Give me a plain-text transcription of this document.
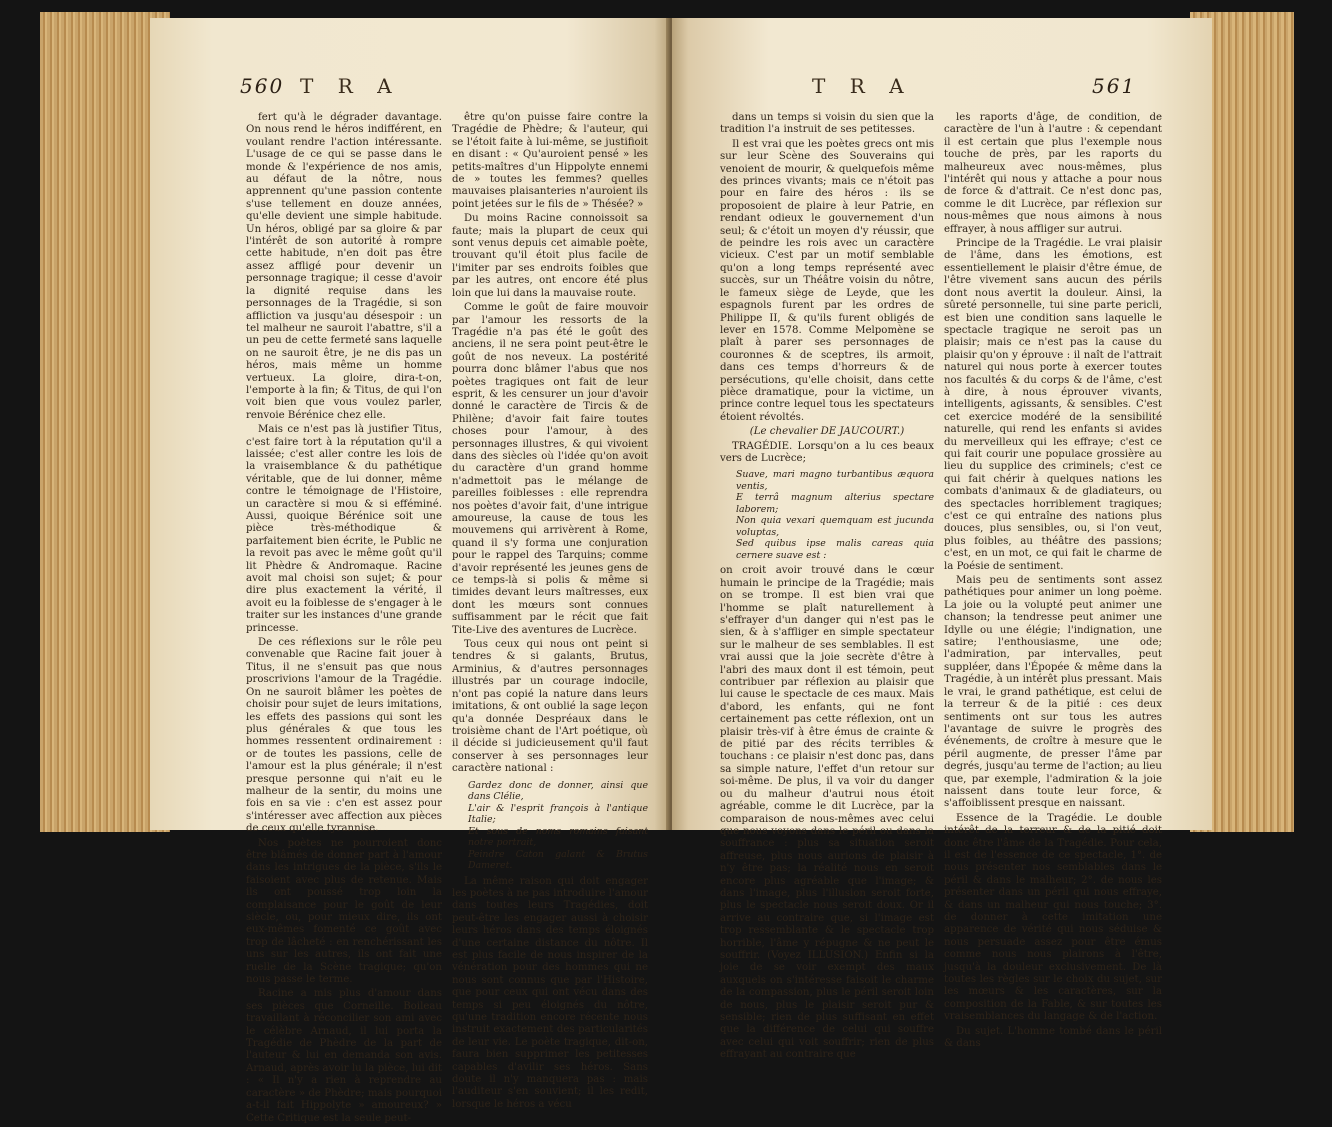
560 T R A

fert qu'à le dégrader davantage. On nous rend le héros indifférent, en voulant rendre l'action intéressante. L'usage de ce qui se passe dans le monde & l'expérience de nos amis, au défaut de la nôtre, nous apprennent qu'une passion contente s'use tellement en douze années, qu'elle devient une simple habitude. Un héros, obligé par sa gloire & par l'intérêt de son autorité à rompre cette habitude, n'en doit pas être assez affligé pour devenir un personnage tragique; il cesse d'avoir la dignité requise dans les personnages de la Tragédie, si son affliction va jusqu'au désespoir : un tel malheur ne sauroit l'abattre, s'il a un peu de cette fermeté sans laquelle on ne sauroit être, je ne dis pas un héros, mais même un homme vertueux. La gloire, dira-t-on, l'emporte à la fin; & Titus, de qui l'on voit bien que vous voulez parler, renvoie Bérénice chez elle.

Mais ce n'est pas là justifier Titus, c'est faire tort à la réputation qu'il a laissée; c'est aller contre les lois de la vraisemblance & du pathétique véritable, que de lui donner, même contre le témoignage de l'Histoire, un caractère si mou & si efféminé. Aussi, quoique Bérénice soit une pièce très-méthodique & parfaitement bien écrite, le Public ne la revoit pas avec le même goût qu'il lit Phèdre & Andromaque. Racine avoit mal choisi son sujet; & pour dire plus exactement la vérité, il avoit eu la foiblesse de s'engager à le traiter sur les instances d'une grande princesse.

De ces réflexions sur le rôle peu convenable que Racine fait jouer à Titus, il ne s'ensuit pas que nous proscrivions l'amour de la Tragédie. On ne sauroit blâmer les poètes de choisir pour sujet de leurs imitations, les effets des passions qui sont les plus générales & que tous les hommes ressentent ordinairement : or de toutes les passions, celle de l'amour est la plus générale; il n'est presque personne qui n'ait eu le malheur de la sentir, du moins une fois en sa vie : c'en est assez pour s'intéresser avec affection aux pièces de ceux qu'elle tyrannise.

Nos poètes ne pourroient donc être blâmés de donner part à l'amour dans les intrigues de la pièce, s'ils le faisoient avec plus de retenue. Mais ils ont poussé trop loin la complaisance pour le goût de leur siècle, ou, pour mieux dire, ils ont eux-mêmes fomenté ce goût avec trop de lâcheté : en renchérissant les uns sur les autres, ils ont fait une ruelle de la Scène tragique; qu'on nous passe le terme.

Racine a mis plus d'amour dans ses pièces que Corneille. Boileau travaillant à réconcilier son ami avec le célèbre Arnaud, il lui porta la Tragédie de Phèdre de la part de l'auteur & lui en demanda son avis. Arnaud, après avoir lu la pièce, lui dit : « Il n'y a rien à reprendre au caractère » de Phèdre; mais pourquoi a-t-il fait Hippolyte » amoureux? » Cette Critique est la seule peut-

être qu'on puisse faire contre la Tragédie de Phèdre; & l'auteur, qui se l'étoit faite à lui-même, se justifioit en disant : « Qu'auroient pensé » les petits-maîtres d'un Hippolyte ennemi de » toutes les femmes? quelles mauvaises plaisanteries n'auroient ils point jetées sur le fils de » Thésée? »

Du moins Racine connoissoit sa faute; mais la plupart de ceux qui sont venus depuis cet aimable poète, trouvant qu'il étoit plus facile de l'imiter par ses endroits foibles que par les autres, ont encore été plus loin que lui dans la mauvaise route.

Comme le goût de faire mouvoir par l'amour les ressorts de la Tragédie n'a pas été le goût des anciens, il ne sera point peut-être le goût de nos neveux. La postérité pourra donc blâmer l'abus que nos poètes tragiques ont fait de leur esprit, & les censurer un jour d'avoir donné le caractère de Tircis & de Philène; d'avoir fait faire toutes choses pour l'amour, à des personnages illustres, & qui vivoient dans des siècles où l'idée qu'on avoit du caractère d'un grand homme n'admettoit pas le mélange de pareilles foiblesses : elle reprendra nos poètes d'avoir fait, d'une intrigue amoureuse, la cause de tous les mouvemens qui arrivèrent à Rome, quand il s'y forma une conjuration pour le rappel des Tarquins; comme d'avoir représenté les jeunes gens de ce temps-là si polis & même si timides devant leurs maîtresses, eux dont les mœurs sont connues suffisamment par le récit que fait Tite-Live des aventures de Lucrèce.

Tous ceux qui nous ont peint si tendres & si galants, Brutus, Arminius, & d'autres personnages illustrés par un courage indocile, n'ont pas copié la nature dans leurs imitations, & ont oublié la sage leçon qu'a donnée Despréaux dans le troisième chant de l'Art poétique, où il décide si judicieusement qu'il faut conserver à ses personnages leur caractère national :

Gardez donc de donner, ainsi que dans Clélie,
L'air & l'esprit françois à l'antique Italie;
Et sous de noms romains faisant notre portrait,
Peindre Caton galant & Brutus Dameret.

La même raison qui doit engager les poètes à ne pas introduire l'amour dans toutes leurs Tragédies, doit peut-être les engager aussi à choisir leurs héros dans des temps éloignés d'une certaine distance du nôtre. Il est plus facile de nous inspirer de la vénération pour des hommes qui ne nous sont connus que par l'Histoire, que pour ceux qui ont vécu dans des temps si peu éloignés du nôtre, qu'une tradition encore récente nous instruit exactement des particularités de leur vie. Le poète tragique, dit-on, faura bien supprimer les petitesses capables d'avilir ses héros. Sans doute il n'y manquera pas : mais l'auditeur s'en souvient; il les redit, lorsque le héros a vécu

T R A	561

dans un temps si voisin du sien que la tradition l'a instruit de ses petitesses.

Il est vrai que les poètes grecs ont mis sur leur Scène des Souverains qui venoient de mourir, & quelquefois même des princes vivants; mais ce n'étoit pas pour en faire des héros : ils se proposoient de plaire à leur Patrie, en rendant odieux le gouvernement d'un seul; & c'étoit un moyen d'y réussir, que de peindre les rois avec un caractère vicieux. C'est par un motif semblable qu'on a long temps représenté avec succès, sur un Théâtre voisin du nôtre, le fameux siège de Leyde, que les espagnols furent par les ordres de Philippe II, & qu'ils furent obligés de lever en 1578. Comme Melpomène se plaît à parer ses personnages de couronnes & de sceptres, ils armoit, dans ces temps d'horreurs & de persécutions, qu'elle choisit, dans cette pièce dramatique, pour la victime, un prince contre lequel tous les spectateurs étoient révoltés.

(Le chevalier DE JAUCOURT.)

TRAGÉDIE. Lorsqu'on a lu ces beaux vers de Lucrèce;

Suave, mari magno turbantibus æquora ventis,
E terrâ magnum alterius spectare laborem;
Non quia vexari quemquam est jucunda voluptas,
Sed quibus ipse malis careas quia cernere suave est :

on croit avoir trouvé dans le cœur humain le principe de la Tragédie; mais on se trompe. Il est bien vrai que l'homme se plaît naturellement à s'effrayer d'un danger qui n'est pas le sien, & à s'affliger en simple spectateur sur le malheur de ses semblables. Il est vrai aussi que la joie secrète d'être à l'abri des maux dont il est témoin, peut contribuer par réflexion au plaisir que lui cause le spectacle de ces maux. Mais d'abord, les enfants, qui ne font certainement pas cette réflexion, ont un plaisir très-vif à être émus de crainte & de pitié par des récits terribles & touchans : ce plaisir n'est donc pas, dans sa simple nature, l'effet d'un retour sur soi-même. De plus, il va voir du danger ou du malheur d'autrui nous étoit agréable, comme le dit Lucrèce, par la comparaison de nous-mêmes avec celui que nous voyons dans le péril ou dans la souffrance : plus sa situation seroit affreuse, plus nous aurions de plaisir à n'y être pas; la réalité nous en seroit encore plus agréable que l'image; & dans l'image, plus l'illusion seroit forte, plus le spectacle nous seroit doux. Or il arrive au contraire que, si l'image est trop ressemblante & le spectacle trop horrible, l'âme y répugne & ne peut le souffrir. (Voyez ILLUSION.) Enfin si la joie de se voir exempt des maux auxquels on s'intéresse faisoit le charme de la compassion, plus le péril seroit loin de nous, plus le plaisir seroit pur & sensible; rien de plus suffisant en effet que la différence de celui qui souffre avec celui qui voit souffrir; rien de plus effrayant au contraire que

les raports d'âge, de condition, de caractère de l'un à l'autre : & cependant il est certain que plus l'exemple nous touche de près, par les raports du malheureux avec nous-mêmes, plus l'intérêt qui nous y attache a pour nous de force & d'attrait. Ce n'est donc pas, comme le dit Lucrèce, par réflexion sur nous-mêmes que nous aimons à nous effrayer, à nous affliger sur autrui.

Principe de la Tragédie. Le vrai plaisir de l'âme, dans les émotions, est essentiellement le plaisir d'être émue, de l'être vivement sans aucun des périls dont nous avertit la douleur. Ainsi, la sûreté personnelle, tui sine parte pericli, est bien une condition sans laquelle le spectacle tragique ne seroit pas un plaisir; mais ce n'est pas la cause du plaisir qu'on y éprouve : il naît de l'attrait naturel qui nous porte à exercer toutes nos facultés & du corps & de l'âme, c'est à dire, à nous éprouver vivants, intelligents, agissants, & sensibles. C'est cet exercice modéré de la sensibilité naturelle, qui rend les enfants si avides du merveilleux qui les effraye; c'est ce qui fait courir une populace grossière au lieu du supplice des criminels; c'est ce qui fait chérir à quelques nations les combats d'animaux & de gladiateurs, ou des spectacles horriblement tragiques; c'est ce qui entraîne des nations plus douces, plus sensibles, ou, si l'on veut, plus foibles, au théâtre des passions; c'est, en un mot, ce qui fait le charme de la Poésie de sentiment.

Mais peu de sentiments sont assez pathétiques pour animer un long poème. La joie ou la volupté peut animer une chanson; la tendresse peut animer une Idylle ou une élégie; l'indignation, une satire; l'enthousiasme, une ode; l'admiration, par intervalles, peut suppléer, dans l'Épopée & même dans la Tragédie, à un intérêt plus pressant. Mais le vrai, le grand pathétique, est celui de la terreur & de la pitié : ces deux sentiments ont sur tous les autres l'avantage de suivre le progrès des événements, de croître à mesure que le péril augmente, de presser l'âme par degrés, jusqu'au terme de l'action; au lieu que, par exemple, l'admiration & la joie naissent dans toute leur force, & s'affoiblissent presque en naissant.

Essence de la Tragédie. Le double intérêt de la terreur & de la pitié doit donc être l'âme de la Tragédie. Pour cela, il est de l'essence de ce spectacle, 1°. de nous présenter nos semblables dans le péril & dans le malheur; 2°. de nous les présenter dans un péril qui nous effraye, & dans un malheur qui nous touche; 3°. de donner à cette imitation une apparence de vérité qui nous séduise & nous persuade assez pour être émus comme nous nous plairons à l'être, jusqu'à la douleur exclusivement. De là toutes les règles sur le choix du sujet, sur les mœurs & les caractères, sur la composition de la Fable, & sur toutes les vraisemblances du langage & de l'action.

Du sujet. L'homme tombé dans le péril & dans
